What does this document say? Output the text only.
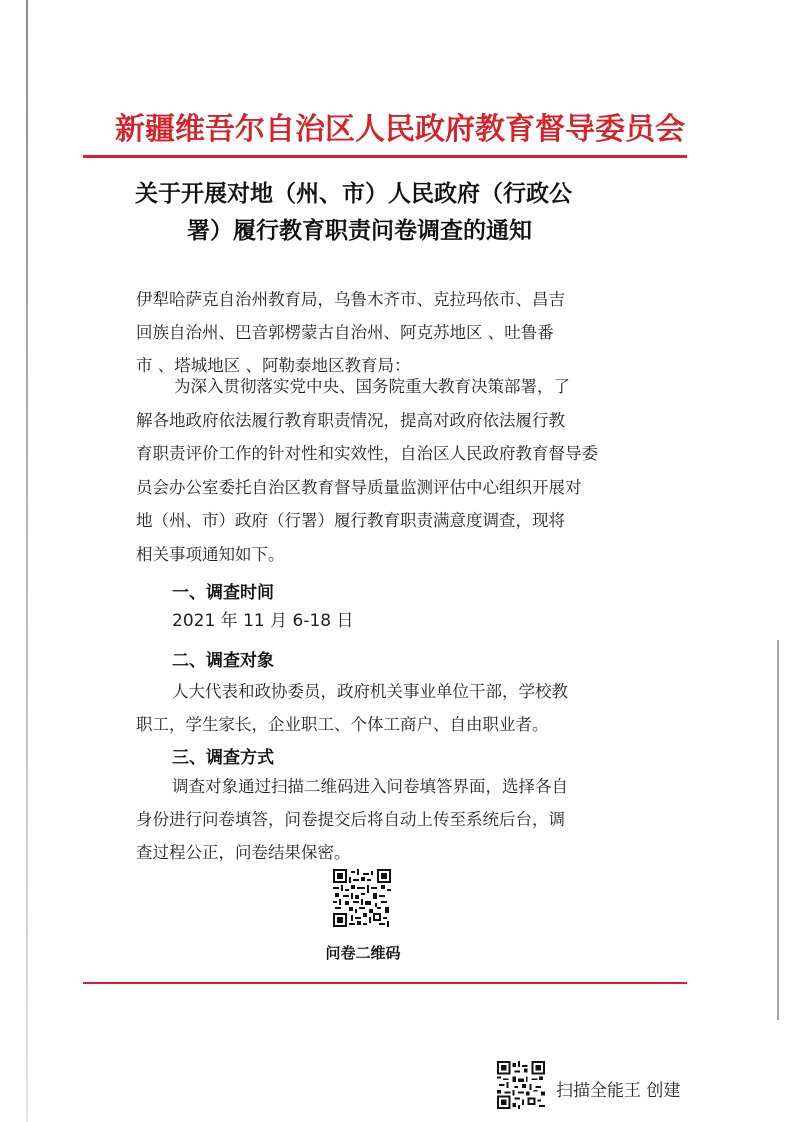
新疆维吾尔自治区人民政府教育督导委员会
关于开展对地（州、市）人民政府（行政公
署）履行教育职责问卷调查的通知
伊犁哈萨克自治州教育局，乌鲁木齐市、克拉玛依市、昌吉
回族自治州、巴音郭楞蒙古自治州、阿克苏地区 、吐鲁番
市 、塔城地区 、阿勒泰地区教育局：
为深入贯彻落实党中央、国务院重大教育决策部署，了
解各地政府依法履行教育职责情况，提高对政府依法履行教
育职责评价工作的针对性和实效性，自治区人民政府教育督导委
员会办公室委托自治区教育督导质量监测评估中心组织开展对
地（州、市）政府（行署）履行教育职责满意度调查，现将
相关事项通知如下。
一、调查时间
2021 年 11 月 6-18 日
二、调查对象
人大代表和政协委员，政府机关事业单位干部，学校教
职工，学生家长，企业职工、个体工商户、自由职业者。
三、调查方式
调查对象通过扫描二维码进入问卷填答界面，选择各自
身份进行问卷填答，问卷提交后将自动上传至系统后台，调
查过程公正，问卷结果保密。
问卷二维码
扫描全能王 创建
